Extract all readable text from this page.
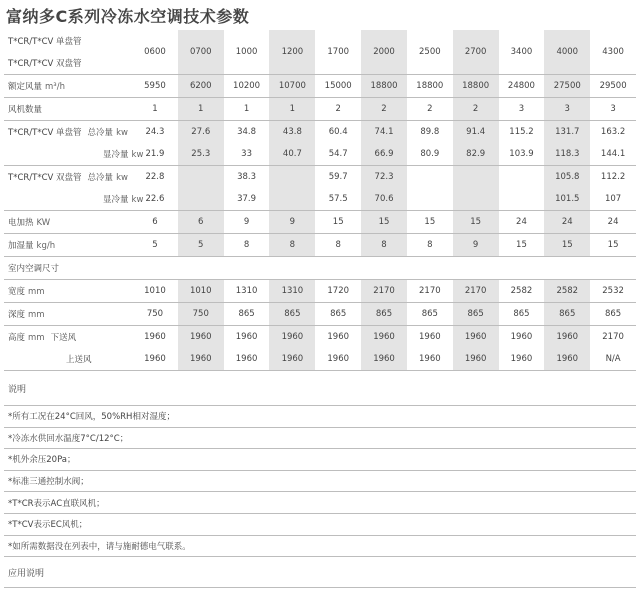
富纳多C系列冷冻水空调技术参数
T*CR/T*CV 单盘管	0600	0700	1000	1200	1700	2000	2500	2700	3400	4000	4300
T*CR/T*CV 双盘管											
额定风量 m³/h	5950	6200	10200	10700	15000	18800	18800	18800	24800	27500	29500
风机数量	1	1	1	1	2	2	2	2	3	3	3
T*CR/T*CV 单盘管 总冷量 kw	24.3	27.6	34.8	43.8	60.4	74.1	89.8	91.4	115.2	131.7	163.2
显冷量 kw	21.9	25.3	33	40.7	54.7	66.9	80.9	82.9	103.9	118.3	144.1
T*CR/T*CV 双盘管 总冷量 kw	22.8		38.3		59.7	72.3				105.8	112.2
显冷量 kw	22.6		37.9		57.5	70.6				101.5	107
电加热 KW	6	6	9	9	15	15	15	15	24	24	24
加湿量 kg/h	5	5	8	8	8	8	8	9	15	15	15
室内空调尺寸											
宽度 mm	1010	1010	1310	1310	1720	2170	2170	2170	2582	2582	2532
深度 mm	750	750	865	865	865	865	865	865	865	865	865
高度 mm 下送风	1960	1960	1960	1960	1960	1960	1960	1960	1960	1960	2170
上送风	1960	1960	1960	1960	1960	1960	1960	1960	1960	1960	N/A
说明											
*所有工况在24°C回风，50%RH相对湿度；											
*冷冻水供回水温度7°C/12°C；											
*机外余压20Pa；											
*标准三通控制水阀；											
*T*CR表示AC直联风机；											
*T*CV表示EC风机；											
*如所需数据没在列表中，请与施耐德电气联系。											
应用说明											
